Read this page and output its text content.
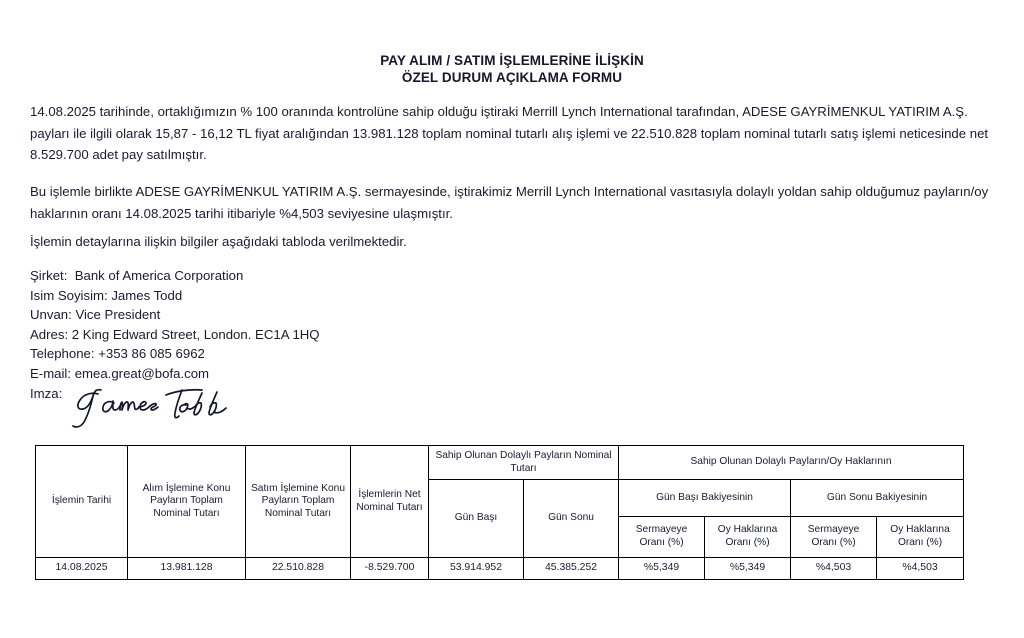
PAY ALIM / SATIM İŞLEMLERİNE İLİŞKİN
ÖZEL DURUM AÇIKLAMA FORMU
14.08.2025 tarihinde, ortaklığımızın % 100 oranında kontrolüne sahip olduğu iştiraki Merrill Lynch International tarafından, ADESE GAYRİMENKUL YATIRIM A.Ş. payları ile ilgili olarak 15,87 - 16,12 TL fiyat aralığından 13.981.128 toplam nominal tutarlı alış işlemi ve 22.510.828 toplam nominal tutarlı satış işlemi neticesinde net 8.529.700 adet pay satılmıştır.
Bu işlemle birlikte ADESE GAYRİMENKUL YATIRIM A.Ş. sermayesinde, iştirakimiz Merrill Lynch International vasıtasıyla dolaylı yoldan sahip olduğumuz payların/oy haklarının oranı 14.08.2025 tarihi itibariyle %4,503 seviyesine ulaşmıştır.
İşlemin detaylarına ilişkin bilgiler aşağıdaki tabloda verilmektedir.
Şirket:  Bank of America Corporation
Isim Soyisim: James Todd
Unvan: Vice President
Adres: 2 King Edward Street, London. EC1A 1HQ
Telephone: +353 86 085 6962
E-mail: emea.great@bofa.com
Imza:
İşlemin Tarihi	Alım İşlemine Konu Payların Toplam Nominal Tutarı	Satım İşlemine Konu Payların Toplam Nominal Tutarı	İşlemlerin Net Nominal Tutarı	Sahip Olunan Dolaylı Payların Nominal Tutarı		Sahip Olunan Dolaylı Payların/Oy Haklarının			
				Gün Başı	Gün Sonu	Gün Başı Bakiyesinin		Gün Sonu Bakiyesinin	
						Sermayeye Oranı (%)	Oy Haklarına Oranı (%)	Sermayeye Oranı (%)	Oy Haklarına Oranı (%)
14.08.2025	13.981.128	22.510.828	-8.529.700	53.914.952	45.385.252	%5,349	%5,349	%4,503	%4,503
